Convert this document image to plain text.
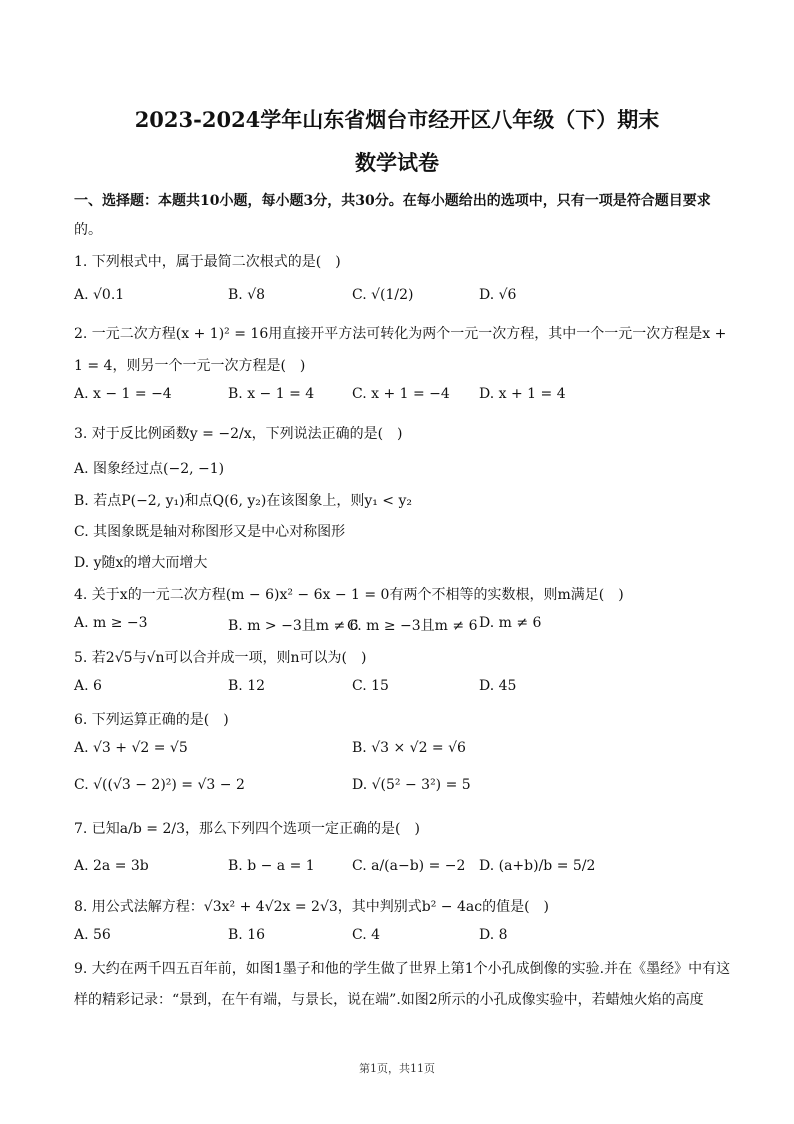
2023-2024学年山东省烟台市经开区八年级（下）期末
数学试卷
一、选择题：本题共10小题，每小题3分，共30分。在每小题给出的选项中，只有一项是符合题目要求
的。
1. 下列根式中，属于最简二次根式的是(　)
A. √0.1	B. √8	C. √(1/2)	D. √6
2. 一元二次方程(x + 1)² = 16用直接开平方法可转化为两个一元一次方程，其中一个一元一次方程是x +
1 = 4，则另一个一元一次方程是(　)
A. x − 1 = −4	B. x − 1 = 4	C. x + 1 = −4 D. x + 1 = 4
3. 对于反比例函数y = −2/x，下列说法正确的是(　)
A. 图象经过点(−2, −1)
B. 若点P(−2, y₁)和点Q(6, y₂)在该图象上，则y₁ < y₂
C. 其图象既是轴对称图形又是中心对称图形
D. y随x的增大而增大
4. 关于x的一元二次方程(m − 6)x² − 6x − 1 = 0有两个不相等的实数根，则m满足(　)
A. m ≥ −3	B. m > −3且m ≠ 6
C. m ≥ −3且m ≠ 6 D. m ≠ 6
5. 若2√5与√n可以合并成一项，则n可以为(　)
A. 6	B. 12	C. 15	D. 45
6. 下列运算正确的是(　)
A. √3 + √2 = √5	B. √3 × √2 = √6
C. √((√3 − 2)²) = √3 − 2	D. √(5² − 3²) = 5
7. 已知a/b = 2/3，那么下列四个选项一定正确的是(　)
A. 2a = 3b	B. b − a = 1	C. a/(a−b) = −2 D. (a+b)/b = 5/2
8. 用公式法解方程：√3x² + 4√2x = 2√3，其中判别式b² − 4ac的值是(　)
A. 56	B. 16	C. 4	D. 8
9. 大约在两千四五百年前，如图1墨子和他的学生做了世界上第1个小孔成倒像的实验.并在《墨经》中有这
样的精彩记录：“景到，在午有端，与景长，说在端”.如图2所示的小孔成像实验中，若蜡烛火焰的高度
第1页，共11页
